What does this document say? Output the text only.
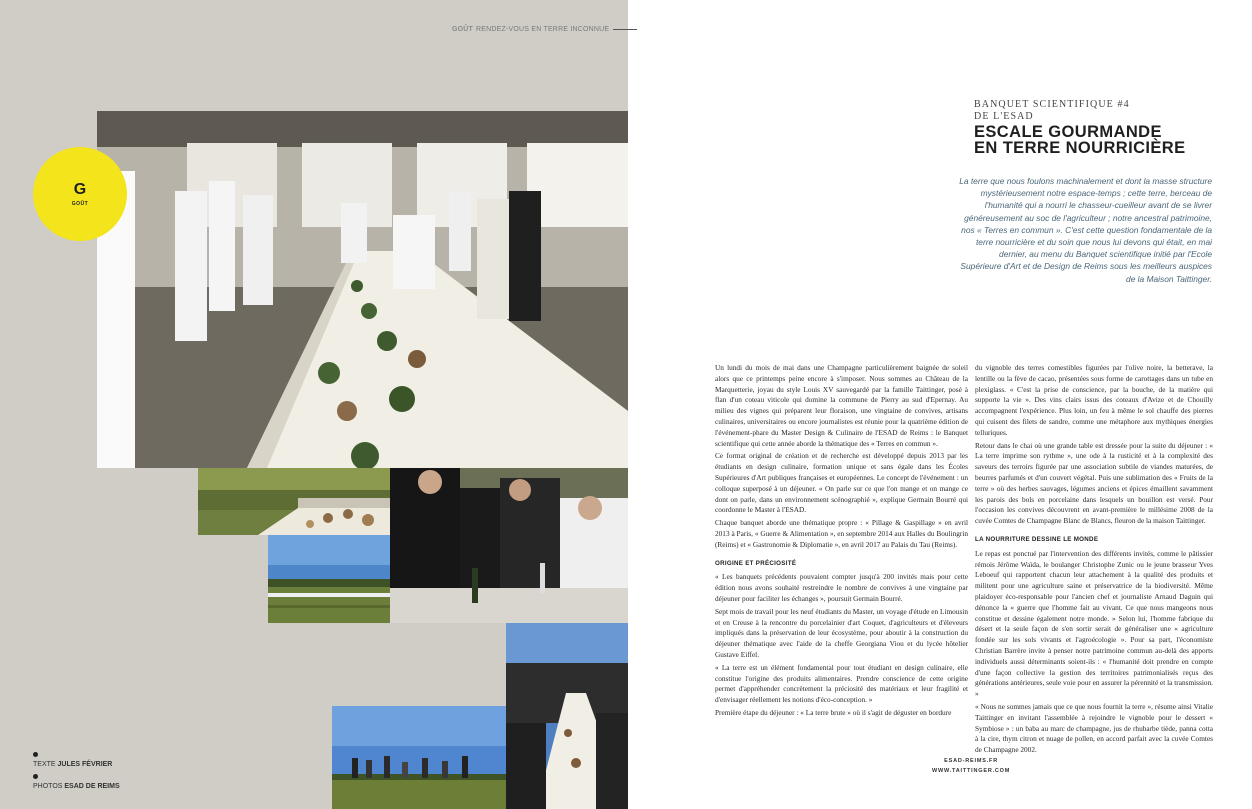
GOÛT RENDEZ-VOUS EN TERRE INCONNUE
G
GOÛT
TEXTE JULES FÉVRIER
PHOTOS ESAD DE REIMS
BANQUET SCIENTIFIQUE #4
DE L'ESAD
ESCALE GOURMANDE
EN TERRE NOURRICIÈRE
La terre que nous foulons machinalement et dont la masse structure mystérieusement notre espace-temps ; cette terre, berceau de l'humanité qui a nourri le chasseur-cueilleur avant de se livrer généreusement au soc de l'agriculteur ; notre ancestral patrimoine, nos « Terres en commun ». C'est cette question fondamentale de la terre nourricière et du soin que nous lui devons qui était, en mai dernier, au menu du Banquet scientifique initié par l'Ecole Supérieure d'Art et de Design de Reims sous les meilleurs auspices de la Maison Taittinger.

Un lundi du mois de mai dans une Champagne particulièrement baignée de soleil alors que ce printemps peine encore à s'imposer. Nous sommes au Château de la Marquetterie, joyau du style Louis XV sauvegardé par la famille Taittinger, posé à flan d'un coteau viticole qui domine la commune de Pierry au sud d'Epernay. Au milieu des vignes qui préparent leur floraison, une vingtaine de convives, artisans culinaires, universitaires ou encore journalistes est réunie pour la quatrième édition de l'événement-phare du Master Design & Culinaire de l'ESAD de Reims : le Banquet scientifique qui cette année aborde la thématique des « Terres en commun ».

Ce format original de création et de recherche est développé depuis 2013 par les étudiants en design culinaire, formation unique et sans égale dans les Écoles Supérieures d'Art publiques françaises et européennes. Le concept de l'événement : un colloque superposé à un déjeuner. « On parle sur ce que l'on mange et on mange ce dont on parle, dans un environnement scénographié », explique Germain Bourré qui coordonne le Master à l'ESAD.

Chaque banquet aborde une thématique propre : « Pillage & Gaspillage » en avril 2013 à Paris, « Guerre & Alimentation », en septembre 2014 aux Halles du Boulingrin (Reims) et « Gastronomie & Diplomatie », en avril 2017 au Palais du Tau (Reims).

ORIGINE ET PRÉCIOSITÉ

« Les banquets précédents pouvaient compter jusqu'à 200 invités mais pour cette édition nous avons souhaité restreindre le nombre de convives à une vingtaine par déjeuner pour faciliter les échanges », poursuit Germain Bourré.

Sept mois de travail pour les neuf étudiants du Master, un voyage d'étude en Limousin et en Creuse à la rencontre du porcelainier d'art Coquet, d'agriculteurs et d'éleveurs impliqués dans la préservation de leur écosystème, pour aboutir à la construction du déjeuner thématique avec l'aide de la cheffe Georgiana Viou et du lycée hôtelier Gustave Eiffel.

« La terre est un élément fondamental pour tout étudiant en design culinaire, elle constitue l'origine des produits alimentaires. Prendre conscience de cette origine permet d'appréhender concrètement la préciosité des matériaux et leur fragilité et d'envisager réellement les notions d'éco-conception. »

Première étape du déjeuner : « La terre brute » où il s'agit de déguster en bordure

du vignoble des terres comestibles figurées par l'olive noire, la betterave, la lentille ou la fève de cacao, présentées sous forme de carottages dans un tube en plexiglass. « C'est la prise de conscience, par la bouche, de la matière qui supporte la vie ». Des vins clairs issus des coteaux d'Avize et de Chouilly accompagnent l'expérience. Plus loin, un feu à même le sol chauffe des pierres qui cuisent des filets de sandre, comme une métaphore aux mythiques énergies telluriques.

Retour dans le chai où une grande table est dressée pour la suite du déjeuner : « La terre imprime son rythme », une ode à la rusticité et à la complexité des saveurs des terroirs figurée par une association subtile de viandes maturées, de beurres parfumés et d'un couvert végétal. Puis une sublimation des « Fruits de la terre » où des herbes sauvages, légumes anciens et épices émaillent savamment les parois des bols en porcelaine dans lesquels un bouillon est versé. Pour l'occasion les convives découvrent en avant-première le millésime 2008 de la cuvée Comtes de Champagne Blanc de Blancs, fleuron de la maison Taittinger.

LA NOURRITURE DESSINE LE MONDE

Le repas est ponctué par l'intervention des différents invités, comme le pâtissier rémois Jérôme Waïda, le boulanger Christophe Zunic ou le jeune brasseur Yves Leboeuf qui rapportent chacun leur attachement à la qualité des produits et militent pour une agriculture saine et préservatrice de la biodiversité. Même plaidoyer éco-responsable pour l'ancien chef et journaliste Arnaud Daguin qui dénonce la « guerre que l'homme fait au vivant. Ce que nous mangeons nous constitue et dessine également notre monde. » Selon lui, l'homme fabrique du désert et la seule façon de s'en sortir serait de généraliser une « agriculture fondée sur les sols vivants et l'agroécologie ». Pour sa part, l'économiste Christian Barrère invite à penser notre patrimoine commun au-delà des apports individuels aussi déterminants soient-ils : « l'humanité doit prendre en compte d'une façon collective la gestion des territoires patrimonialisés reçus des générations antérieures, seule voie pour en assurer la pérennité et la transmission. »

« Nous ne sommes jamais que ce que nous fournit la terre », résume ainsi Vitalie Taittinger en invitant l'assemblée à rejoindre le vignoble pour le dessert « Symbiose » : un baba au marc de champagne, jus de rhubarbe tiède, panna cotta à la cire, thym citron et nuage de pollen, en accord parfait avec la cuvée Comtes de Champagne 2002.

ESAD-REIMS.FR
WWW.TAITTINGER.COM
